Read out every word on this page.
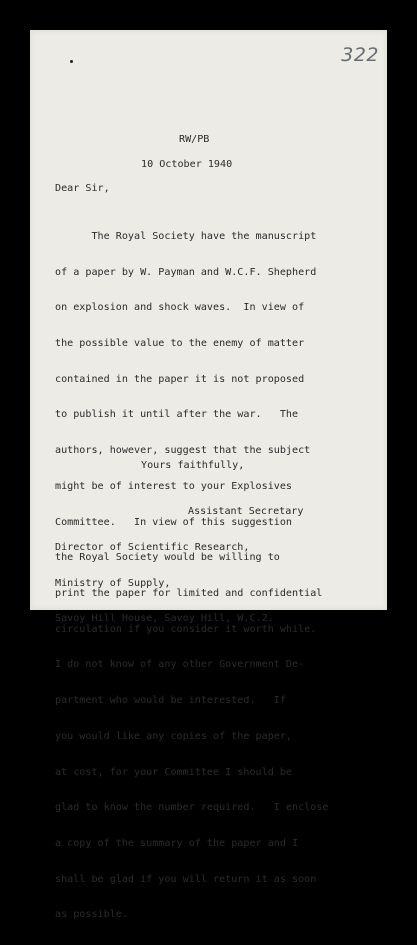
322
RW/PB
10 October 1940
Dear Sir,

The Royal Society have the manuscript

of a paper by W. Payman and W.C.F. Shepherd

on explosion and shock waves.  In view of

the possible value to the enemy of matter

contained in the paper it is not proposed

to publish it until after the war.   The

authors, however, suggest that the subject

might be of interest to your Explosives

Committee.   In view of this suggestion

the Royal Society would be willing to

print the paper for limited and confidential

circulation if you consider it worth while.

I do not know of any other Government De-

partment who would be interested.   If

you would like any copies of the paper,

at cost, for your Committee I should be

glad to know the number required.   I enclose

a copy of the summary of the paper and I

shall be glad if you will return it as soon

as possible.

Yours faithfully,
Assistant Secretary

Director of Scientific Research,

Ministry of Supply,

Savoy Hill House, Savoy Hill, W.C.2.
